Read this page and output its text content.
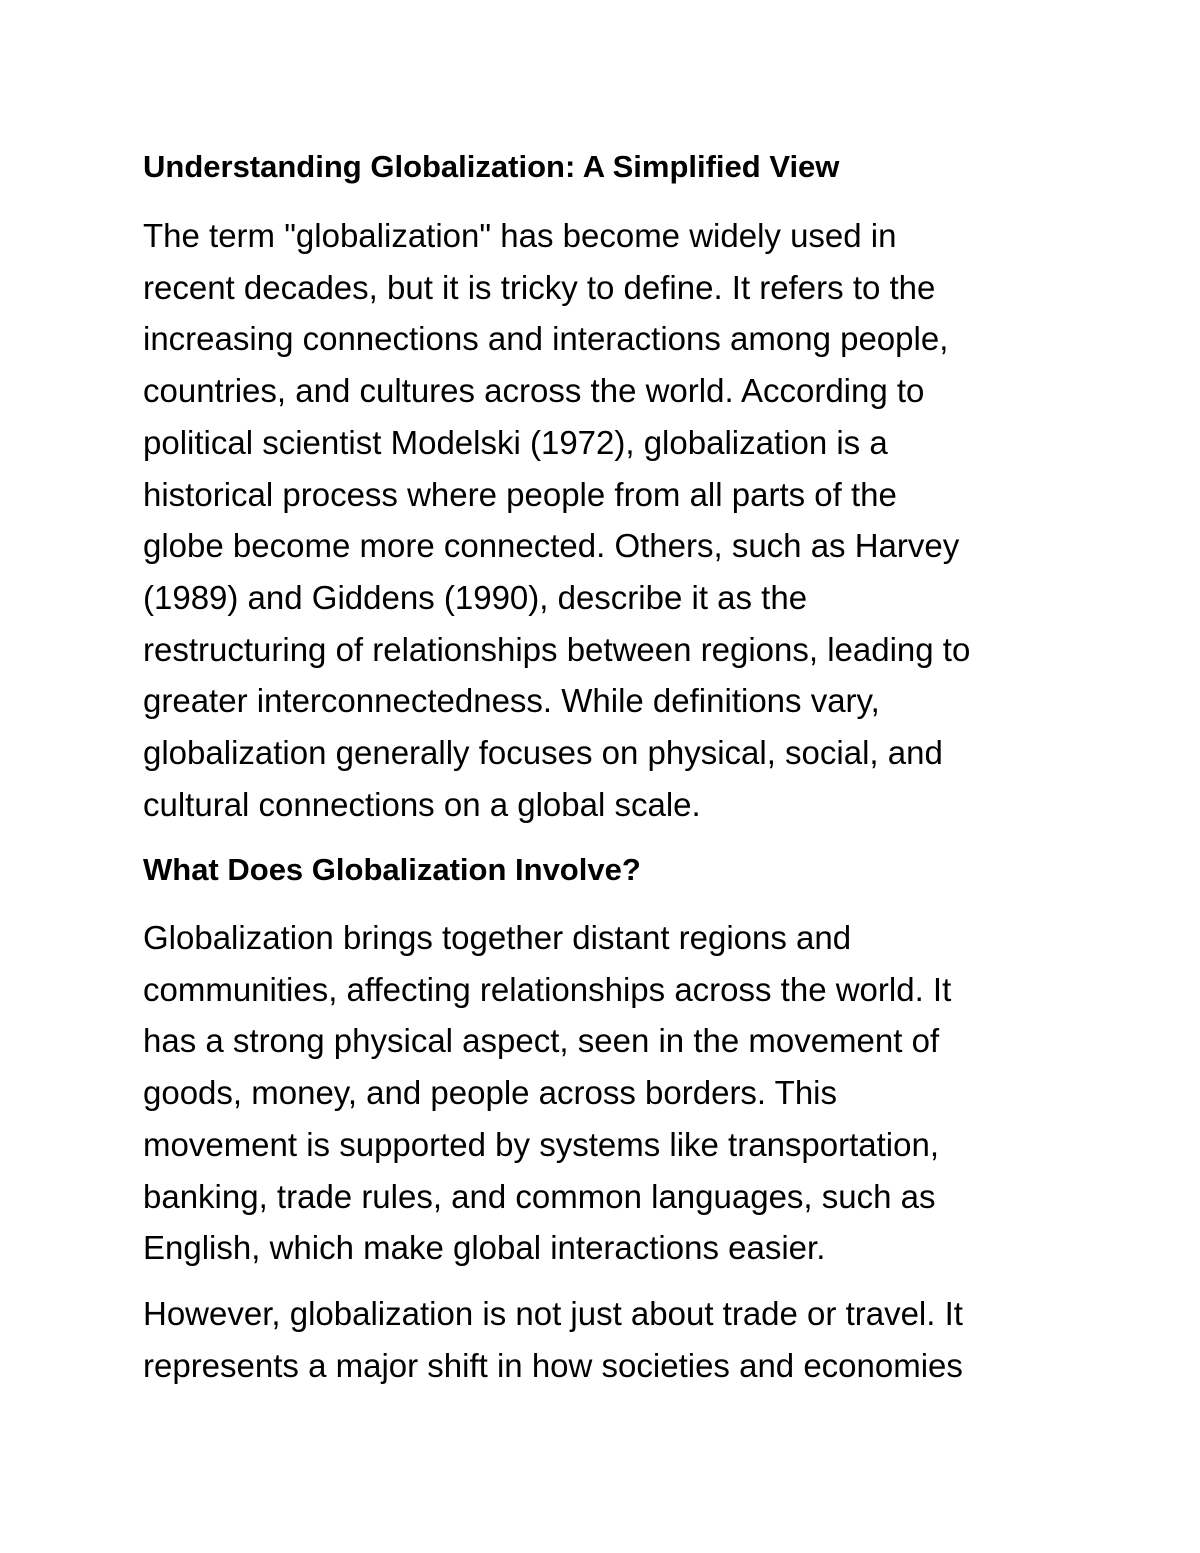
Understanding Globalization: A Simplified View
The term "globalization" has become widely used in
recent decades, but it is tricky to define. It refers to the
increasing connections and interactions among people,
countries, and cultures across the world. According to
political scientist Modelski (1972), globalization is a
historical process where people from all parts of the
globe become more connected. Others, such as Harvey
(1989) and Giddens (1990), describe it as the
restructuring of relationships between regions, leading to
greater interconnectedness. While definitions vary,
globalization generally focuses on physical, social, and
cultural connections on a global scale.
What Does Globalization Involve?
Globalization brings together distant regions and
communities, affecting relationships across the world. It
has a strong physical aspect, seen in the movement of
goods, money, and people across borders. This
movement is supported by systems like transportation,
banking, trade rules, and common languages, such as
English, which make global interactions easier.
However, globalization is not just about trade or travel. It
represents a major shift in how societies and economies
